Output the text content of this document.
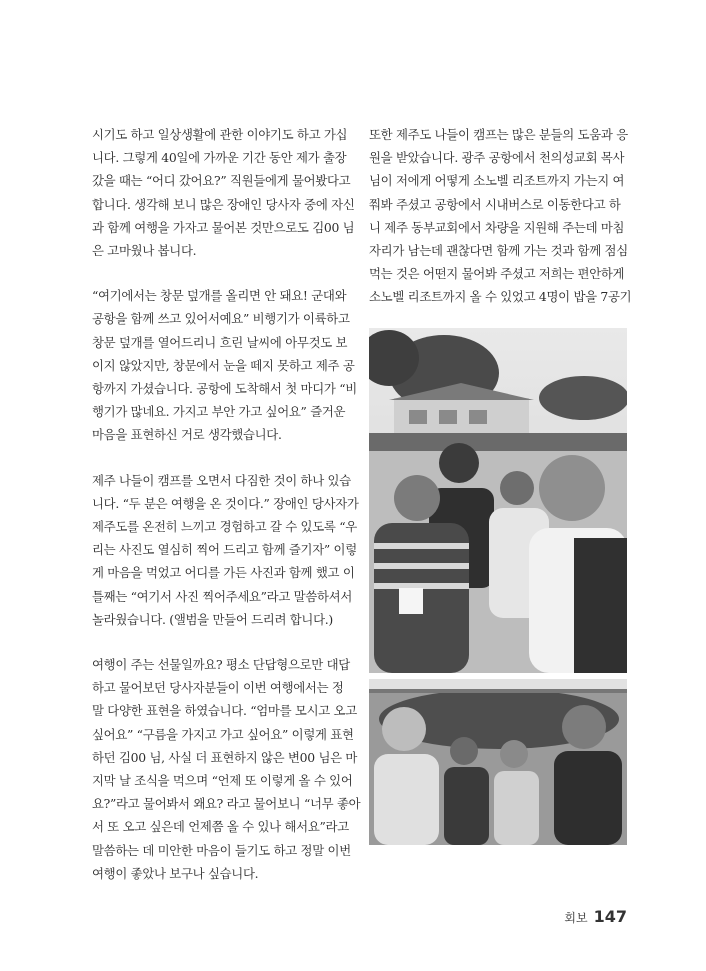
시기도 하고 일상생활에 관한 이야기도 하고 가십
니다. 그렇게 40일에 가까운 기간 동안 제가 출장
갔을 때는 “어디 갔어요?” 직원들에게 물어봤다고
합니다. 생각해 보니 많은 장애인 당사자 중에 자신
과 함께 여행을 가자고 물어본 것만으로도 김00 님
은 고마웠나 봅니다.

“여기에서는 창문 덮개를 올리면 안 돼요! 군대와
공항을 함께 쓰고 있어서예요” 비행기가 이륙하고
창문 덮개를 열어드리니 흐린 날씨에 아무것도 보
이지 않았지만, 창문에서 눈을 떼지 못하고 제주 공
항까지 가셨습니다. 공항에 도착해서 첫 마디가 “비
행기가 많네요. 가지고 부안 가고 싶어요” 즐거운
마음을 표현하신 거로 생각했습니다.

제주 나들이 캠프를 오면서 다짐한 것이 하나 있습
니다. “두 분은 여행을 온 것이다.” 장애인 당사자가
제주도를 온전히 느끼고 경험하고 갈 수 있도록 “우
리는 사진도 열심히 찍어 드리고 함께 즐기자” 이렇
게 마음을 먹었고 어디를 가든 사진과 함께 했고 이
틀째는 “여기서 사진 찍어주세요”라고 말씀하셔서
놀라웠습니다. (앨범을 만들어 드리려 합니다.)

여행이 주는 선물일까요? 평소 단답형으로만 대답
하고 물어보던 당사자분들이 이번 여행에서는 정
말 다양한 표현을 하였습니다. “엄마를 모시고 오고
싶어요” “구름을 가지고 가고 싶어요” 이렇게 표현
하던 김00 님, 사실 더 표현하지 않은 변00 님은 마
지막 날 조식을 먹으며 “언제 또 이렇게 올 수 있어
요?”라고 물어봐서 왜요? 라고 물어보니 “너무 좋아
서 또 오고 싶은데 언제쯤 올 수 있나 해서요”라고
말씀하는 데 미안한 마음이 들기도 하고 정말 이번
여행이 좋았나 보구나 싶습니다.

또한 제주도 나들이 캠프는 많은 분들의 도움과 응
원을 받았습니다. 광주 공항에서 천의성교회 목사
님이 저에게 어떻게 소노벨 리조트까지 가는지 여
쭤봐 주셨고 공항에서 시내버스로 이동한다고 하
니 제주 동부교회에서 차량을 지원해 주는데 마침
자리가 남는데 괜찮다면 함께 가는 것과 함께 점심
먹는 것은 어떤지 물어봐 주셨고 저희는 편안하게
소노벨 리조트까지 올 수 있었고 4명이 밥을 7공기

회보 147
